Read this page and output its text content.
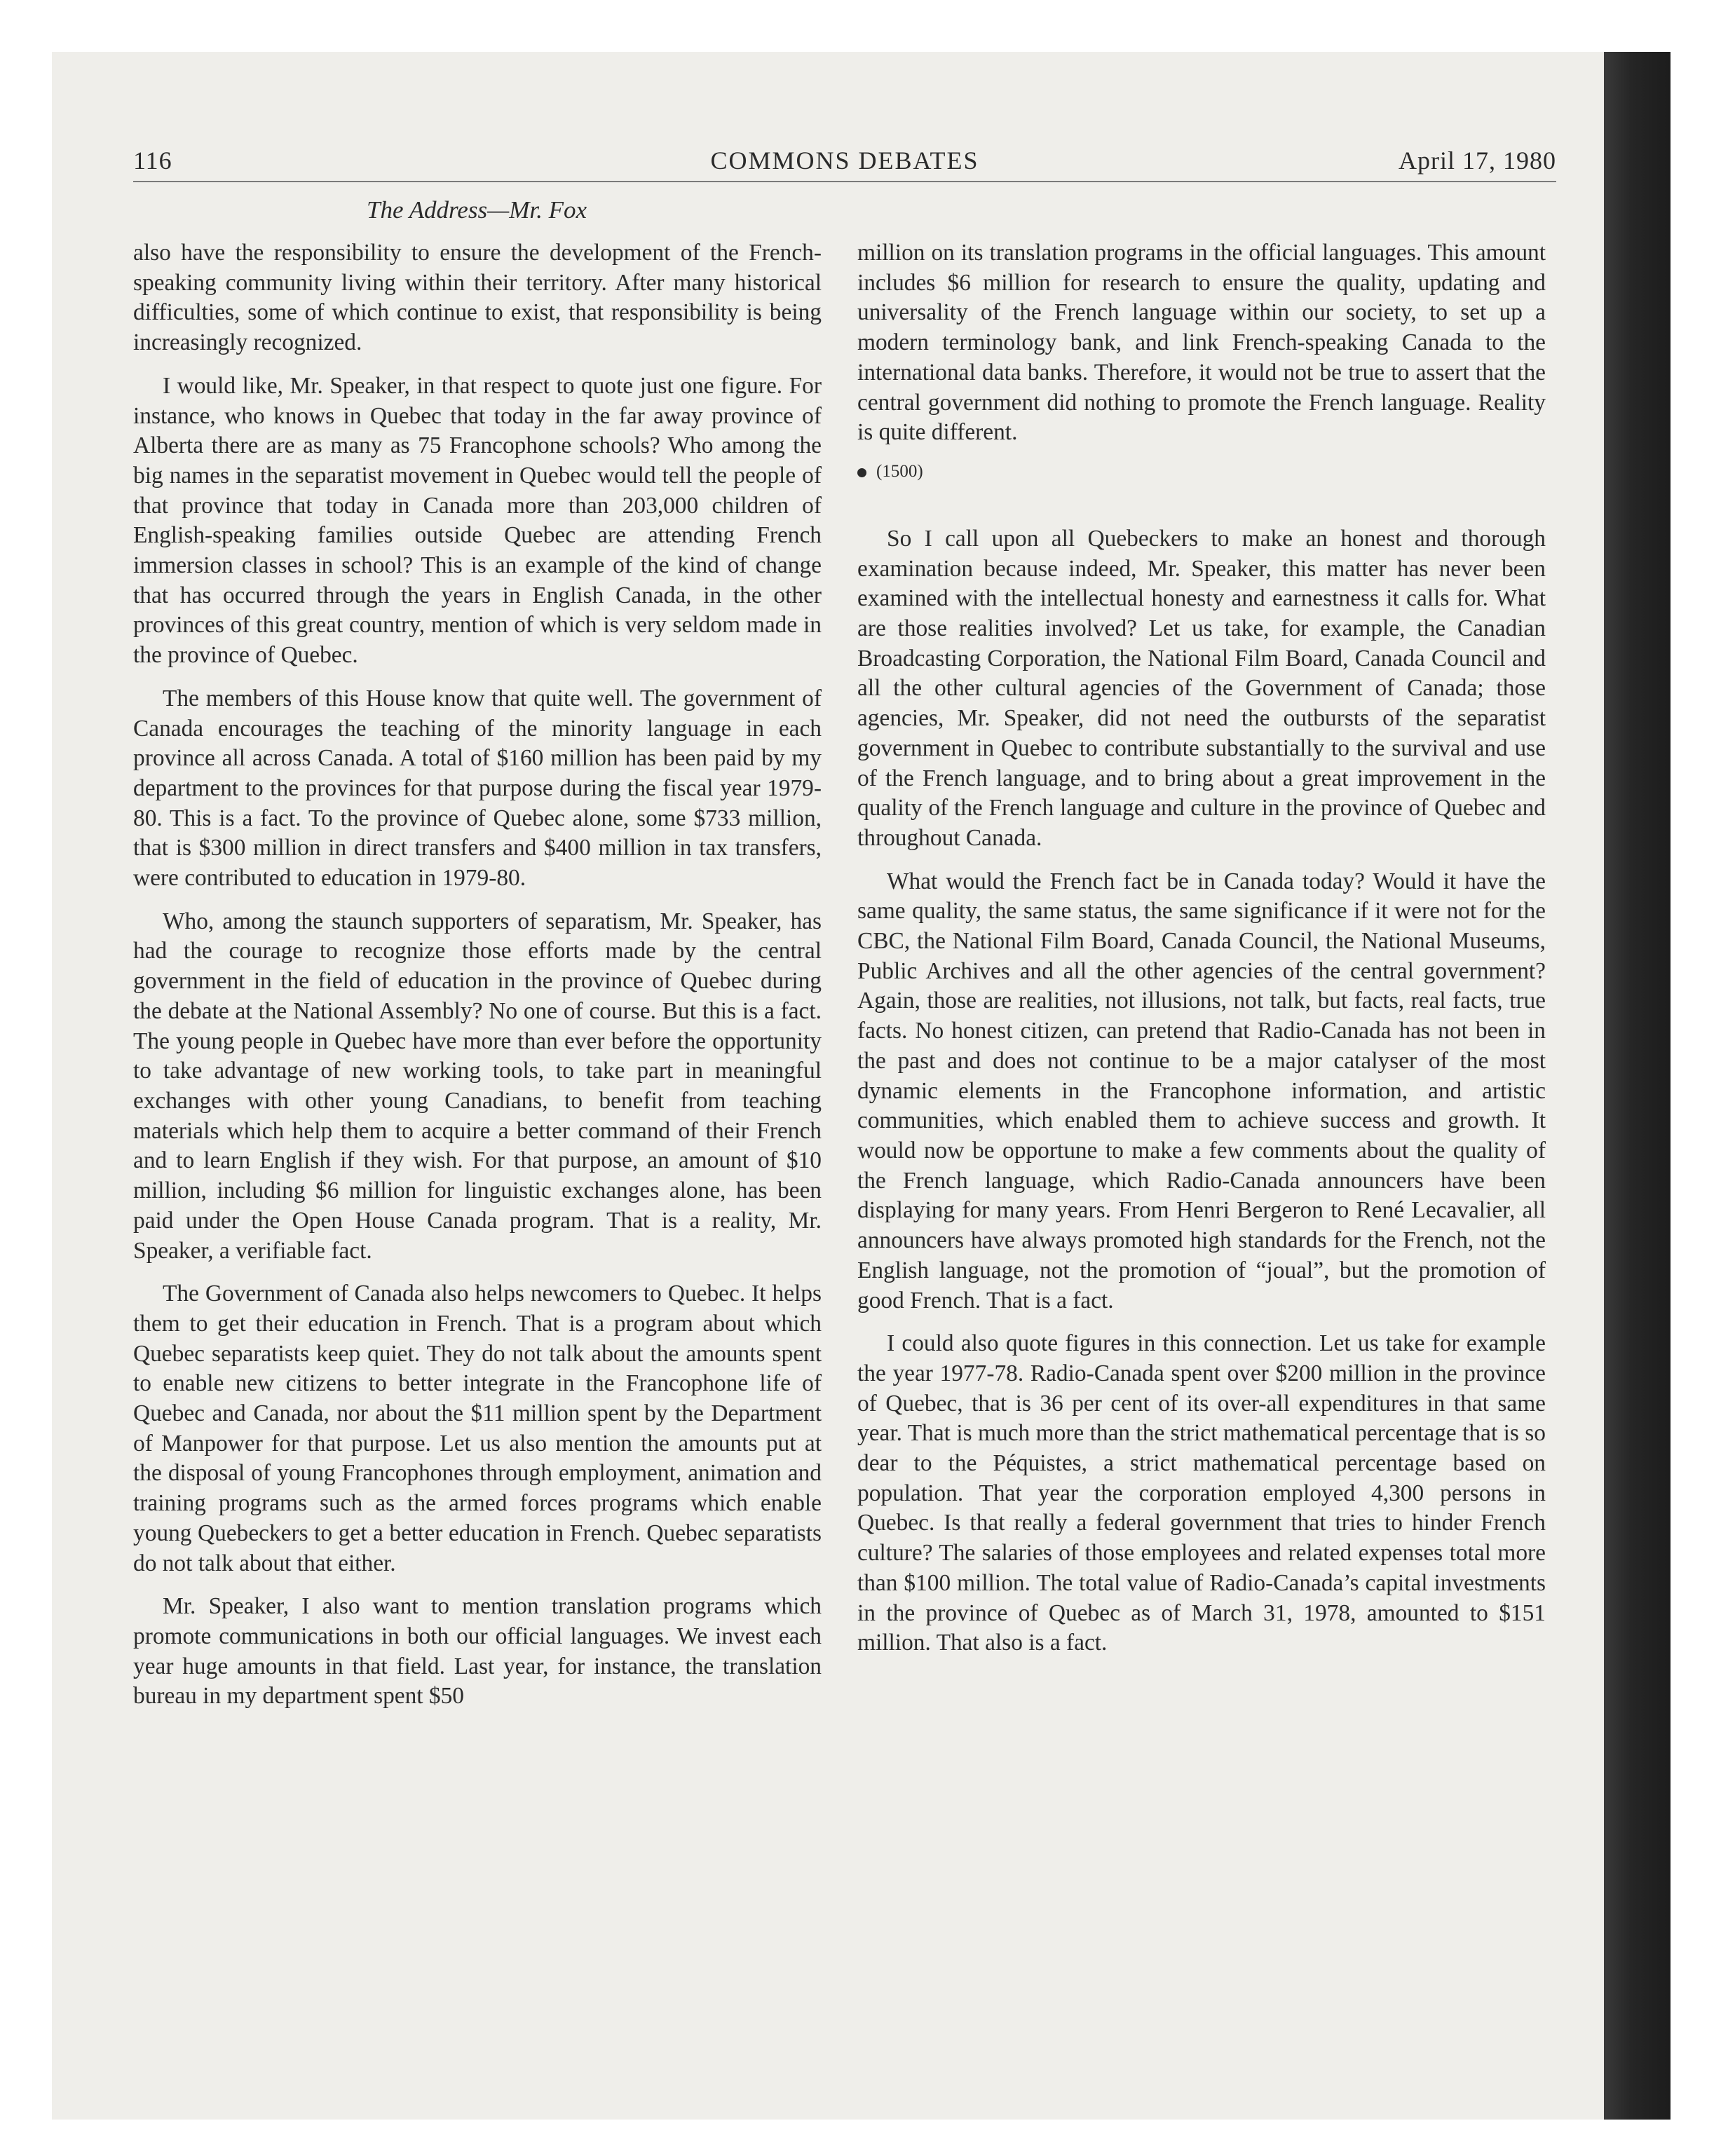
116	COMMONS DEBATES	April 17, 1980
The Address—Mr. Fox

also have the responsibility to ensure the development of the French-speaking community living within their territory. After many historical difficulties, some of which continue to exist, that responsibility is being increasingly recognized.

I would like, Mr. Speaker, in that respect to quote just one figure. For instance, who knows in Quebec that today in the far away province of Alberta there are as many as 75 Francophone schools? Who among the big names in the separatist movement in Quebec would tell the people of that province that today in Canada more than 203,000 children of English-speaking families outside Quebec are attending French immersion classes in school? This is an example of the kind of change that has occurred through the years in English Canada, in the other provinces of this great country, mention of which is very seldom made in the province of Quebec.

The members of this House know that quite well. The government of Canada encourages the teaching of the minority language in each province all across Canada. A total of $160 million has been paid by my department to the provinces for that purpose during the fiscal year 1979-80. This is a fact. To the province of Quebec alone, some $733 million, that is $300 million in direct transfers and $400 million in tax transfers, were contributed to education in 1979-80.

Who, among the staunch supporters of separatism, Mr. Speaker, has had the courage to recognize those efforts made by the central government in the field of education in the province of Quebec during the debate at the National Assembly? No one of course. But this is a fact. The young people in Quebec have more than ever before the opportunity to take advantage of new working tools, to take part in meaningful exchanges with other young Canadians, to benefit from teaching materials which help them to acquire a better command of their French and to learn English if they wish. For that purpose, an amount of $10 million, including $6 million for linguistic exchanges alone, has been paid under the Open House Canada program. That is a reality, Mr. Speaker, a verifiable fact.

The Government of Canada also helps newcomers to Quebec. It helps them to get their education in French. That is a program about which Quebec separatists keep quiet. They do not talk about the amounts spent to enable new citizens to better integrate in the Francophone life of Quebec and Canada, nor about the $11 million spent by the Department of Manpower for that purpose. Let us also mention the amounts put at the disposal of young Francophones through employment, animation and training programs such as the armed forces programs which enable young Quebeckers to get a better education in French. Quebec separatists do not talk about that either.

Mr. Speaker, I also want to mention translation programs which promote communications in both our official languages. We invest each year huge amounts in that field. Last year, for instance, the translation bureau in my department spent $50

million on its translation programs in the official languages. This amount includes $6 million for research to ensure the quality, updating and universality of the French language within our society, to set up a modern terminology bank, and link French-speaking Canada to the international data banks. Therefore, it would not be true to assert that the central government did nothing to promote the French language. Reality is quite different.

(1500)

So I call upon all Quebeckers to make an honest and thorough examination because indeed, Mr. Speaker, this matter has never been examined with the intellectual honesty and earnestness it calls for. What are those realities involved? Let us take, for example, the Canadian Broadcasting Corporation, the National Film Board, Canada Council and all the other cultural agencies of the Government of Canada; those agencies, Mr. Speaker, did not need the outbursts of the separatist government in Quebec to contribute substantially to the survival and use of the French language, and to bring about a great improvement in the quality of the French language and culture in the province of Quebec and throughout Canada.

What would the French fact be in Canada today? Would it have the same quality, the same status, the same significance if it were not for the CBC, the National Film Board, Canada Council, the National Museums, Public Archives and all the other agencies of the central government? Again, those are realities, not illusions, not talk, but facts, real facts, true facts. No honest citizen, can pretend that Radio-Canada has not been in the past and does not continue to be a major catalyser of the most dynamic elements in the Francophone information, and artistic communities, which enabled them to achieve success and growth. It would now be opportune to make a few comments about the quality of the French language, which Radio-Canada announcers have been displaying for many years. From Henri Bergeron to René Lecavalier, all announcers have always promoted high standards for the French, not the English language, not the promotion of “joual”, but the promotion of good French. That is a fact.

I could also quote figures in this connection. Let us take for example the year 1977-78. Radio-Canada spent over $200 million in the province of Quebec, that is 36 per cent of its over-all expenditures in that same year. That is much more than the strict mathematical percentage that is so dear to the Péquistes, a strict mathematical percentage based on population. That year the corporation employed 4,300 persons in Quebec. Is that really a federal government that tries to hinder French culture? The salaries of those employees and related expenses total more than $100 million. The total value of Radio-Canada’s capital investments in the province of Quebec as of March 31, 1978, amounted to $151 million. That also is a fact.
